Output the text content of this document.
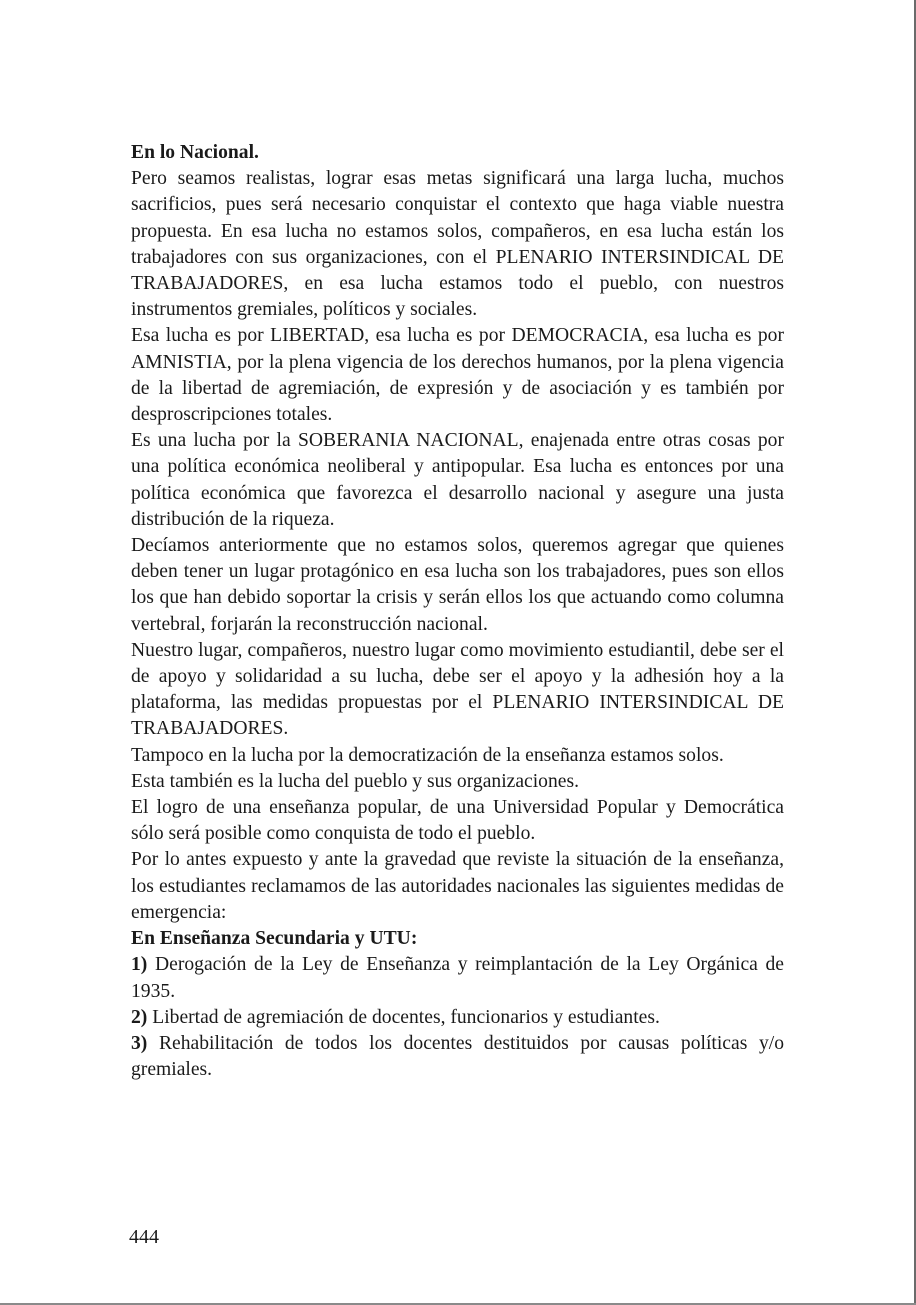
En lo Nacional.

Pero seamos realistas, lograr esas metas significará una larga lucha, muchos sacrificios, pues será necesario conquistar el contexto que haga viable nuestra propuesta. En esa lucha no estamos solos, compañeros, en esa lucha están los trabajadores con sus organizaciones, con el PLENARIO INTERSINDICAL DE TRABAJADORES, en esa lucha estamos todo el pueblo, con nuestros instrumentos gremiales, políticos y sociales.

Esa lucha es por LIBERTAD, esa lucha es por DEMOCRACIA, esa lucha es por AMNISTIA, por la plena vigencia de los derechos humanos, por la plena vigencia de la libertad de agremiación, de expresión y de asociación y es también por desproscripciones totales.

Es una lucha por la SOBERANIA NACIONAL, enajenada entre otras cosas por una política económica neoliberal y antipopular. Esa lucha es entonces por una política económica que favorezca el desarrollo nacional y asegure una justa distribución de la riqueza.

Decíamos anteriormente que no estamos solos, queremos agregar que quienes deben tener un lugar protagónico en esa lucha son los trabajadores, pues son ellos los que han debido soportar la crisis y serán ellos los que actuando como columna vertebral, forjarán la reconstrucción nacional.

Nuestro lugar, compañeros, nuestro lugar como movimiento estudiantil, debe ser el de apoyo y solidaridad a su lucha, debe ser el apoyo y la adhesión hoy a la plataforma, las medidas propuestas por el PLENARIO INTERSINDICAL DE TRABAJADORES.

Tampoco en la lucha por la democratización de la enseñanza estamos solos.

Esta también es la lucha del pueblo y sus organizaciones.

El logro de una enseñanza popular, de una Universidad Popular y Democrática sólo será posible como conquista de todo el pueblo.

Por lo antes expuesto y ante la gravedad que reviste la situación de la enseñanza, los estudiantes reclamamos de las autoridades nacionales las siguientes medidas de emergencia:

En Enseñanza Secundaria y UTU:

1) Derogación de la Ley de Enseñanza y reimplantación de la Ley Orgánica de 1935.

2) Libertad de agremiación de docentes, funcionarios y estudiantes.

3) Rehabilitación de todos los docentes destituidos por causas políticas y/o gremiales.

444
